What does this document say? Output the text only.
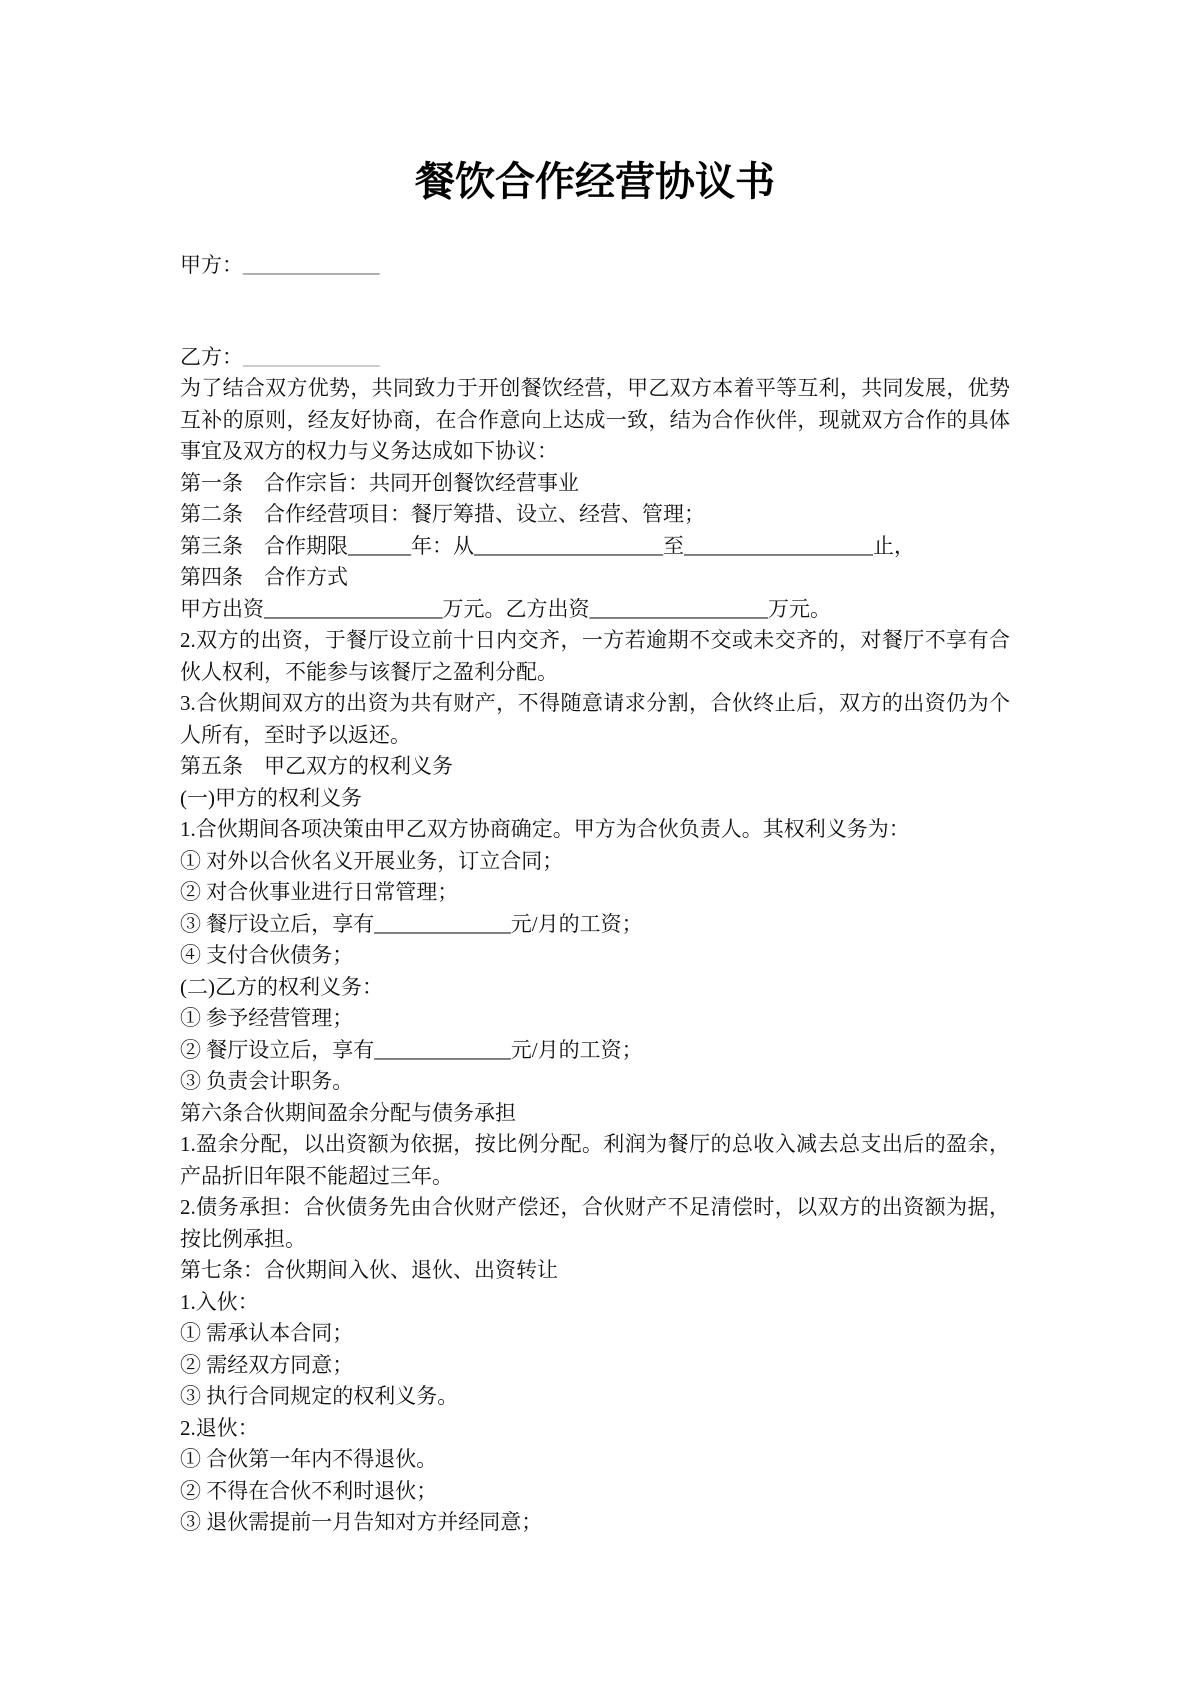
餐饮合作经营协议书

甲方：_____________

乙方：_____________

为了结合双方优势，共同致力于开创餐饮经营，甲乙双方本着平等互利，共同发展，优势互补的原则，经友好协商，在合作意向上达成一致，结为合作伙伴，现就双方合作的具体事宜及双方的权力与义务达成如下协议：

第一条　合作宗旨：共同开创餐饮经营事业

第二条　合作经营项目：餐厅筹措、设立、经营、管理；

第三条　合作期限______年：从__________________至__________________止，

第四条　合作方式

甲方出资_________________万元。乙方出资_________________万元。

2.双方的出资，于餐厅设立前十日内交齐，一方若逾期不交或未交齐的，对餐厅不享有合伙人权利，不能参与该餐厅之盈利分配。

3.合伙期间双方的出资为共有财产，不得随意请求分割，合伙终止后，双方的出资仍为个人所有，至时予以返还。

第五条　甲乙双方的权利义务

(一)甲方的权利义务

1.合伙期间各项决策由甲乙双方协商确定。甲方为合伙负责人。其权利义务为：

① 对外以合伙名义开展业务，订立合同；

② 对合伙事业进行日常管理；

③ 餐厅设立后，享有_____________元/月的工资；

④ 支付合伙债务；

(二)乙方的权利义务：

① 参予经营管理；

② 餐厅设立后，享有_____________元/月的工资；

③ 负责会计职务。

第六条合伙期间盈余分配与债务承担

1.盈余分配，以出资额为依据，按比例分配。利润为餐厅的总收入减去总支出后的盈余，产品折旧年限不能超过三年。

2.债务承担：合伙债务先由合伙财产偿还，合伙财产不足清偿时，以双方的出资额为据，按比例承担。

第七条：合伙期间入伙、退伙、出资转让

1.入伙：

① 需承认本合同；

② 需经双方同意；

③ 执行合同规定的权利义务。

2.退伙：

① 合伙第一年内不得退伙。

② 不得在合伙不利时退伙；

③ 退伙需提前一月告知对方并经同意；
